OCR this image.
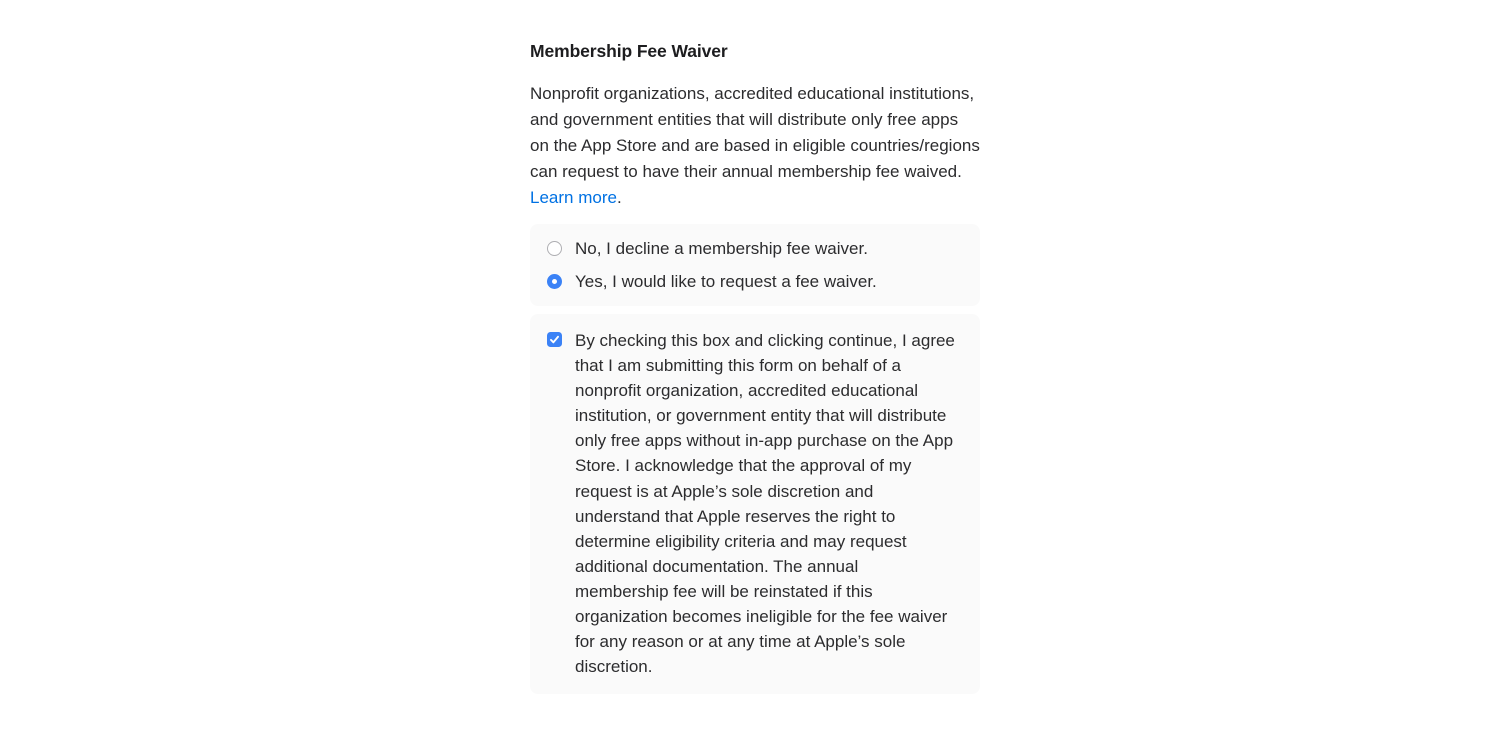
Membership Fee Waiver

Nonprofit organizations, accredited educational institutions, and government entities that will distribute only free apps on the App Store and are based in eligible countries/regions can request to have their annual membership fee waived. Learn more.

No, I decline a membership fee waiver.
Yes, I would like to request a fee waiver.
By checking this box and clicking continue, I agree that I am submitting this form on behalf of a nonprofit organization, accredited educational institution, or government entity that will distribute only free apps without in-app purchase on the App Store. I acknowledge that the approval of my request is at Apple’s sole discretion and understand that Apple reserves the right to determine eligibility criteria and may request additional documentation. The annual membership fee will be reinstated if this organization becomes ineligible for the fee waiver for any reason or at any time at Apple’s sole discretion.
